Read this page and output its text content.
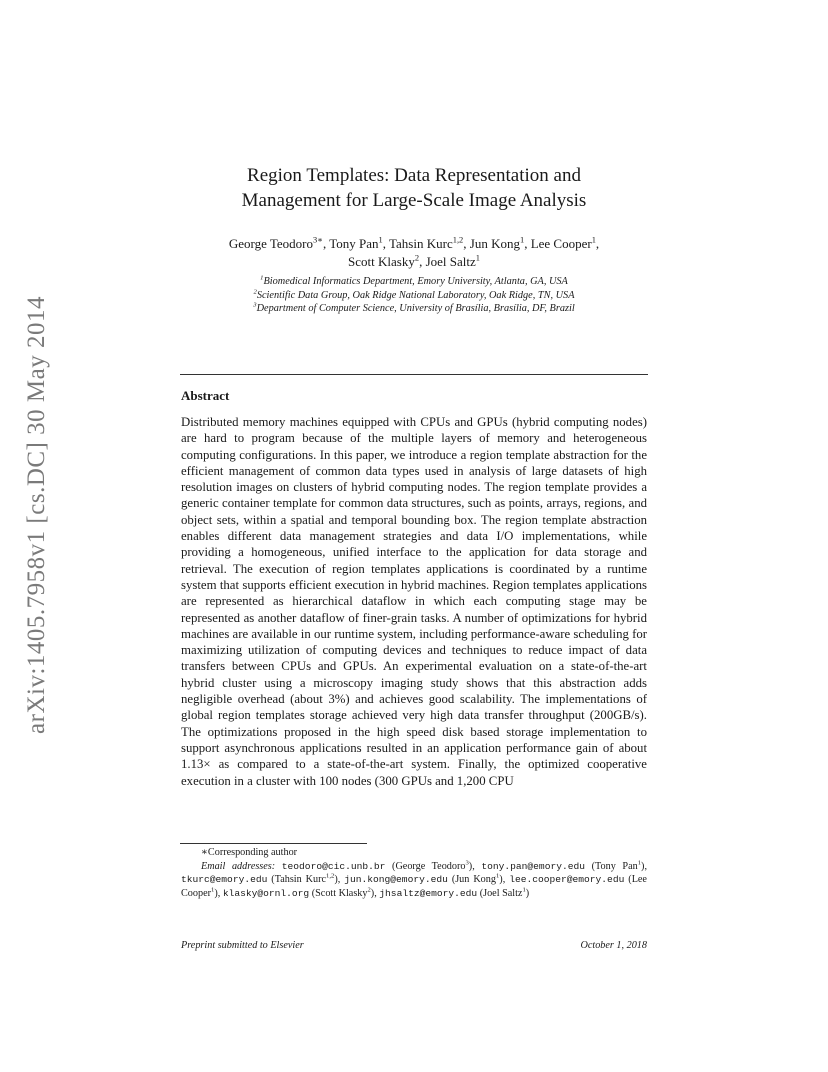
arXiv:1405.7958v1 [cs.DC] 30 May 2014
Region Templates: Data Representation and
Management for Large-Scale Image Analysis
George Teodoro$^{3∗}$, Tony Pan$^1$, Tahsin Kurc$^{1,2}$, Jun Kong$^1$, Lee Cooper$^1$,
Scott Klasky$^2$, Joel Saltz$^1$
$^1$Biomedical Informatics Department, Emory University, Atlanta, GA, USA
$^2$Scientific Data Group, Oak Ridge National Laboratory, Oak Ridge, TN, USA
$^3$Department of Computer Science, University of Brasília, Brasília, DF, Brazil
Abstract

Distributed memory machines equipped with CPUs and GPUs (hybrid computing nodes) are hard to program because of the multiple layers of memory and heterogeneous computing configurations. In this paper, we introduce a region template abstraction for the efficient management of common data types used in analysis of large datasets of high resolution images on clusters of hybrid computing nodes. The region template provides a generic container template for common data structures, such as points, arrays, regions, and object sets, within a spatial and temporal bounding box. The region template abstraction enables different data management strategies and data I/O implementations, while providing a homogeneous, unified interface to the application for data storage and retrieval. The execution of region templates applications is coordinated by a runtime system that supports efficient execution in hybrid machines. Region templates applications are represented as hierarchical dataflow in which each computing stage may be represented as another dataflow of finer-grain tasks. A number of optimizations for hybrid machines are available in our runtime system, including performance-aware scheduling for maximizing utilization of computing devices and techniques to reduce impact of data transfers between CPUs and GPUs. An experimental evaluation on a state-of-the-art hybrid cluster using a microscopy imaging study shows that this abstraction adds negligible overhead (about 3%) and achieves good scalability. The implementations of global region templates storage achieved very high data transfer throughput (200GB/s). The optimizations proposed in the high speed disk based storage implementation to support asynchronous applications resulted in an application performance gain of about 1.13× as compared to a state-of-the-art system. Finally, the optimized cooperative execution in a cluster with 100 nodes (300 GPUs and 1,200 CPU

∗Corresponding author
Email addresses: teodoro@cic.unb.br (George Teodoro$^3$), tony.pan@emory.edu (Tony Pan$^1$), tkurc@emory.edu (Tahsin Kurc$^{1,2}$), jun.kong@emory.edu (Jun Kong$^1$), lee.cooper@emory.edu (Lee Cooper$^1$), klasky@ornl.org (Scott Klasky$^2$), jhsaltz@emory.edu (Joel Saltz$^1$)
Preprint submitted to Elsevier	October 1, 2018
